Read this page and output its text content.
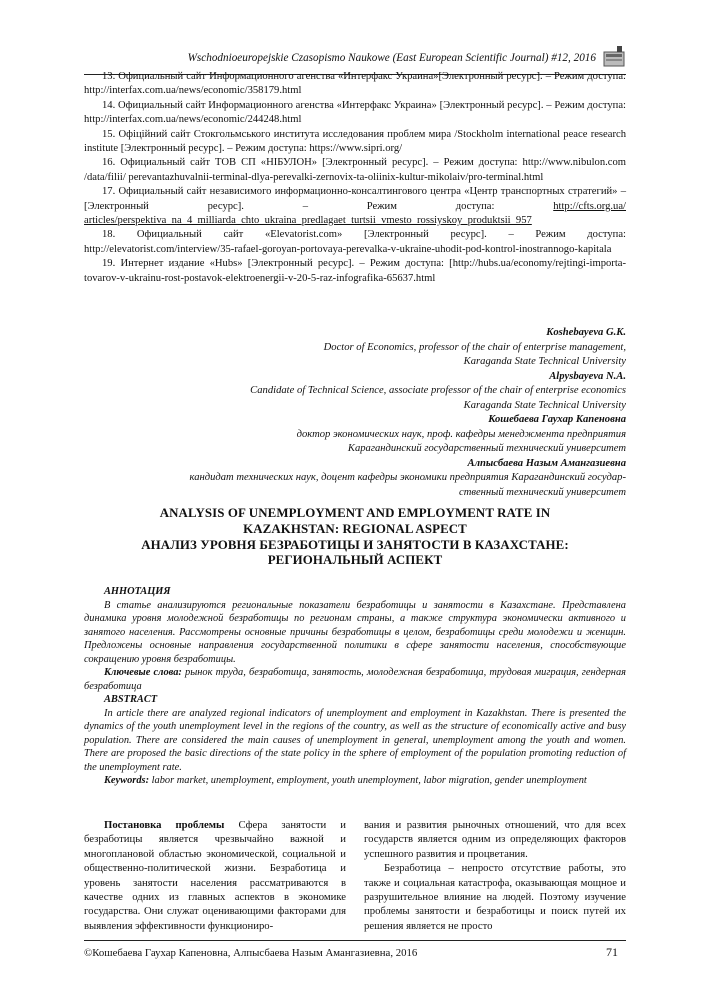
Wschodnioeuropejskie Czasopismo Naukowe (East European Scientific Journal) #12, 2016

13. Официальный сайт Информационного агенства «Интерфакс Украина»[Электронный ресурс]. – Режим доступа: http://interfax.com.ua/news/economic/358179.html

14. Официальный сайт Информационного агенства «Интерфакс Украина» [Электронный ресурс]. – Режим доступа: http://interfax.com.ua/news/economic/244248.html

15. Офіційний сайт Стокгольмського института исследования проблем мира /Stockholm international peace research institute [Электронный ресурс]. – Режим доступа: https://www.sipri.org/

16. Официальный сайт ТОВ СП «НІБУЛОН» [Электронный ресурс]. – Режим доступа: http://www.nibulon.com /data/filii/ perevantazhuvalnii-terminal-dlya-perevalki-zernovix-ta-oliinix-kultur-mikolaiv/pro-terminal.html

17. Официальный сайт независимого информационно-консалтингового центра «Центр транспортных стратегий» – [Электронный ресурс]. – Режим доступа: http://cfts.org.ua/ articles/perspektiva_na_4_milliarda_chto_ukraina_predlagaet_turtsii_vmesto_rossiyskoy_produktsii_957

18. Официальный сайт «Elevatorist.com» [Электронный ресурс]. – Режим доступа: http://elevatorist.com/interview/35-rafael-goroyan-portovaya-perevalka-v-ukraine-uhodit-pod-kontrol-inostrannogo-kapitala

19. Интернет издание «Hubs» [Электронный ресурс]. – Режим доступа: [http://hubs.ua/economy/rejtingi-importa-tovarov-v-ukrainu-rost-postavok-elektroenergii-v-20-5-raz-infografika-65637.html

Koshebayeva G.K.

Doctor of Economics, professor of the chair of enterprise management,

Karaganda State Technical University

Alpysbayeva N.A.

Candidate of Technical Science, associate professor of the chair of enterprise economics

Karaganda State Technical University

Кошебаева Гаухар Капеновна

доктор экономических наук, проф. кафедры менеджмента предприятия

Карагандинский государственный технический университет

Алпысбаева Назым Амангазиевна

кандидат технических наук, доцент кафедры экономики предприятия Карагандинский государ-

ственный технический университет

ANALYSIS OF UNEMPLOYMENT AND EMPLOYMENT RATE IN

KAZAKHSTAN: REGIONAL ASPECT

АНАЛИЗ УРОВНЯ БЕЗРАБОТИЦЫ И ЗАНЯТОСТИ В КАЗАХСТАНЕ:

РЕГИОНАЛЬНЫЙ АСПЕКТ

АННОТАЦИЯ

В статье анализируются региональные показатели безработицы и занятости в Казахстане. Представлена динамика уровня молодежной безработицы по регионам страны, а также структура экономически активного и занятого населения. Рассмотрены основные причины безработицы в целом, безработицы среди молодежи и женщин. Предложены основные направления государственной политики в сфере занятости населения, способствующие сокращению уровня безработицы.

Ключевые слова: рынок труда, безработица, занятость, молодежная безработица, трудовая миграция, гендерная безработица

ABSTRACT

In article there are analyzed regional indicators of unemployment and employment in Kazakhstan. There is presented the dynamics of the youth unemployment level in the regions of the country, as well as the structure of economically active and busy population. There are considered the main causes of unemployment in general, unemployment among the youth and women. There are proposed the basic directions of the state policy in the sphere of employment of the population promoting reduction of the unemployment rate.

Keywords: labor market, unemployment, employment, youth unemployment, labor migration, gender unemployment

Постановка проблемы Сфера занятости и безработицы является чрезвычайно важной и многоплановой областью экономической, социальной и общественно-политической жизни. Безработица и уровень занятости населения рассматриваются в качестве одних из главных аспектов в экономике государства. Они служат оценивающими факторами для выявления эффективности функциониро-

вания и развития рыночных отношений, что для всех государств является одним из определяющих факторов успешного развития и процветания.

Безработица – непросто отсутствие работы, это также и социальная катастрофа, оказывающая мощное и разрушительное влияние на людей. Поэтому изучение проблемы занятости и безработицы и поиск путей их решения является не просто

©Кошебаева Гаухар Капеновна, Алпысбаева Назым Амангазиевна, 2016	71
